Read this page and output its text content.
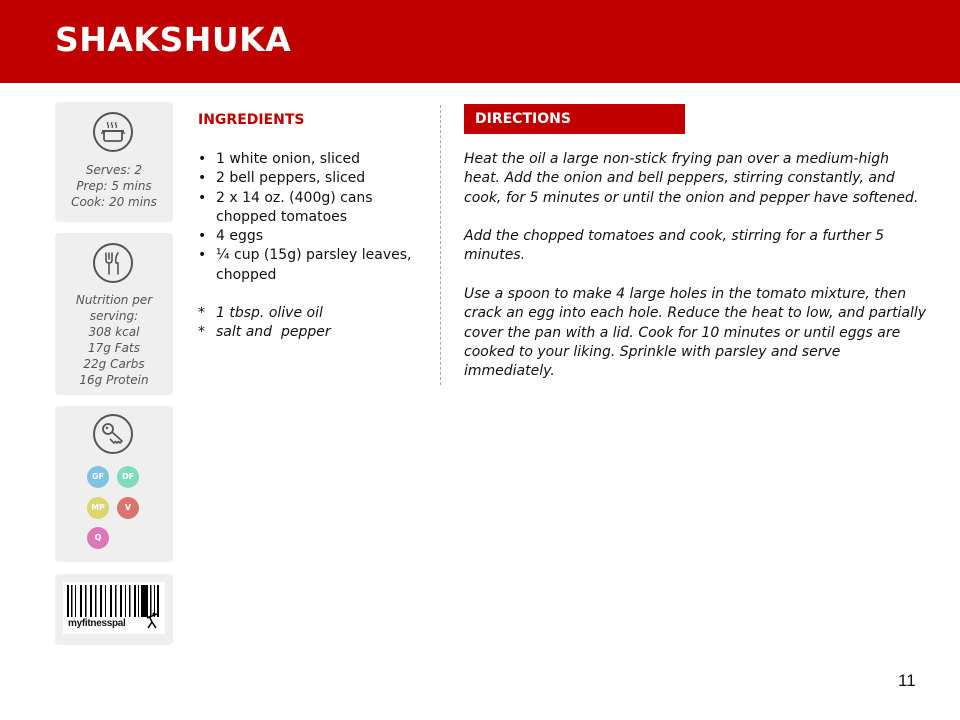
SHAKSHUKA
Serves: 2
Prep: 5 mins
Cook: 20 mins
Nutrition per
serving:
308 kcal
17g Fats
22g Carbs
16g Protein
GF	DF
MP	V
Q
myfitnesspal
INGREDIENTS
• 1 white onion, sliced
• 2 bell peppers, sliced
• 2 x 14 oz. (400g) cans chopped tomatoes
• 4 eggs
• ¼ cup (15g) parsley leaves, chopped
* 1 tbsp. olive oil
* salt and  pepper
DIRECTIONS

Heat the oil a large non-stick frying pan over a medium-high heat. Add the onion and bell peppers, stirring constantly, and cook, for 5 minutes or until the onion and pepper have softened.

Add the chopped tomatoes and cook, stirring for a further 5 minutes.

Use a spoon to make 4 large holes in the tomato mixture, then crack an egg into each hole. Reduce the heat to low, and partially cover the pan with a lid. Cook for 10 minutes or until eggs are cooked to your liking. Sprinkle with parsley and serve immediately.

11
